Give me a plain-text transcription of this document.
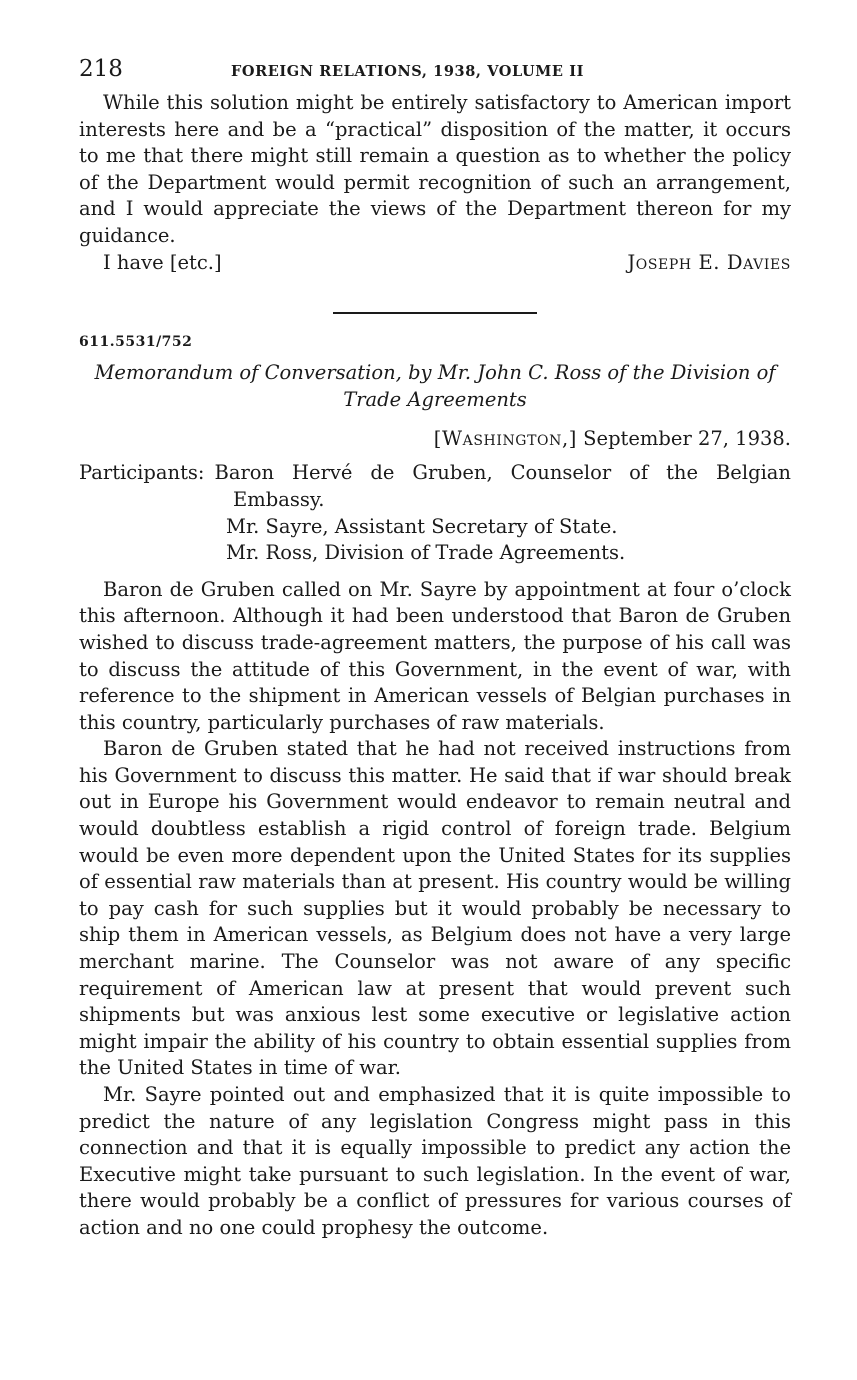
218	FOREIGN RELATIONS, 1938, VOLUME II

While this solution might be entirely satisfactory to American import interests here and be a “practical” disposition of the matter, it occurs to me that there might still remain a question as to whether the policy of the Department would permit recognition of such an arrangement, and I would appreciate the views of the Department thereon for my guidance.

I have [etc.]	Joseph E. Davies
611.5531/752
Memorandum of Conversation, by Mr. John C. Ross of the Division of
Trade Agreements
[Washington,] September 27, 1938.
Participants: Baron Hervé de Gruben, Counselor of the Belgian
Embassy.
Mr. Sayre, Assistant Secretary of State.
Mr. Ross, Division of Trade Agreements.

Baron de Gruben called on Mr. Sayre by appointment at four o’clock this afternoon. Although it had been understood that Baron de Gruben wished to discuss trade-agreement matters, the purpose of his call was to discuss the attitude of this Government, in the event of war, with reference to the shipment in American vessels of Belgian purchases in this country, particularly purchases of raw materials.

Baron de Gruben stated that he had not received instructions from his Government to discuss this matter. He said that if war should break out in Europe his Government would endeavor to remain neutral and would doubtless establish a rigid control of foreign trade. Belgium would be even more dependent upon the United States for its supplies of essential raw materials than at present. His country would be willing to pay cash for such supplies but it would probably be necessary to ship them in American vessels, as Belgium does not have a very large merchant marine. The Counselor was not aware of any specific requirement of American law at present that would prevent such shipments but was anxious lest some executive or legislative action might impair the ability of his country to obtain essential supplies from the United States in time of war.

Mr. Sayre pointed out and emphasized that it is quite impossible to predict the nature of any legislation Congress might pass in this connection and that it is equally impossible to predict any action the Executive might take pursuant to such legislation. In the event of war, there would probably be a conflict of pressures for various courses of action and no one could prophesy the outcome.
